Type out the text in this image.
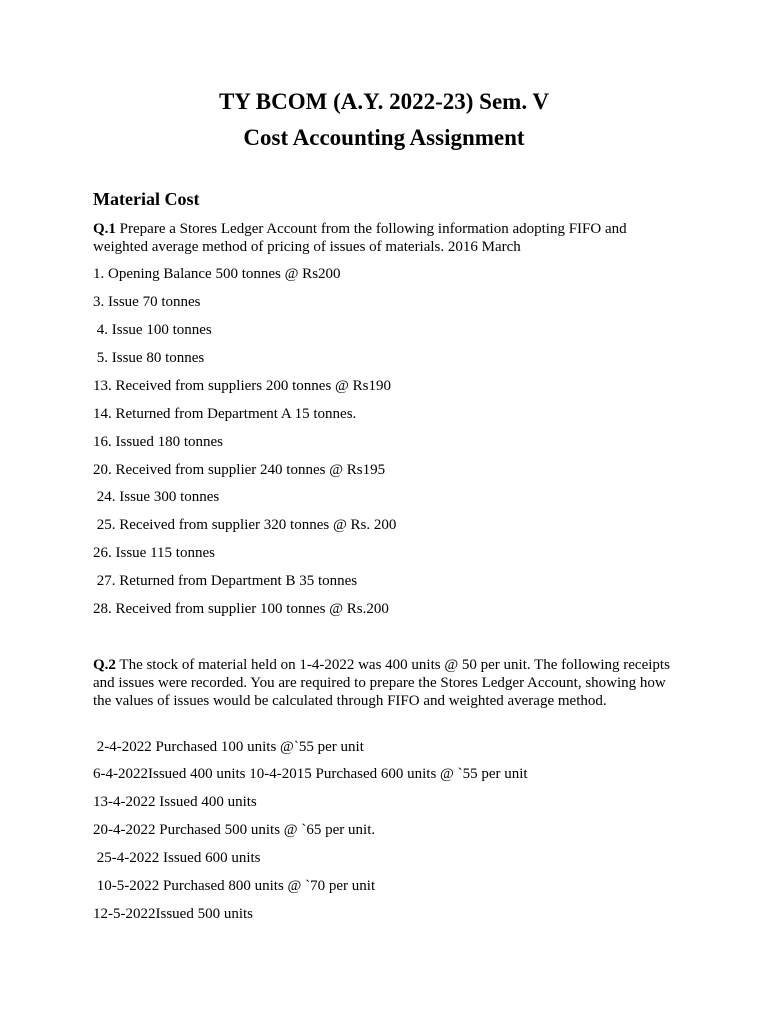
TY BCOM (A.Y. 2022-23) Sem. V
Cost Accounting Assignment
Material Cost

Q.1 Prepare a Stores Ledger Account from the following information adopting FIFO and weighted average method of pricing of issues of materials. 2016 March

1. Opening Balance 500 tonnes @ Rs200
3. Issue 70 tonnes
4. Issue 100 tonnes
5. Issue 80 tonnes
13. Received from suppliers 200 tonnes @ Rs190
14. Returned from Department A 15 tonnes.
16. Issued 180 tonnes
20. Received from supplier 240 tonnes @ Rs195
24. Issue 300 tonnes
25. Received from supplier 320 tonnes @ Rs. 200
26. Issue 115 tonnes
27. Returned from Department B 35 tonnes
28. Received from supplier 100 tonnes @ Rs.200

Q.2 The stock of material held on 1-4-2022 was 400 units @ 50 per unit. The following receipts and issues were recorded. You are required to prepare the Stores Ledger Account, showing how the values of issues would be calculated through FIFO and weighted average method.

2-4-2022 Purchased 100 units @`55 per unit
6-4-2022Issued 400 units 10-4-2015 Purchased 600 units @ `55 per unit
13-4-2022 Issued 400 units
20-4-2022 Purchased 500 units @ `65 per unit.
25-4-2022 Issued 600 units
10-5-2022 Purchased 800 units @ `70 per unit
12-5-2022Issued 500 units
